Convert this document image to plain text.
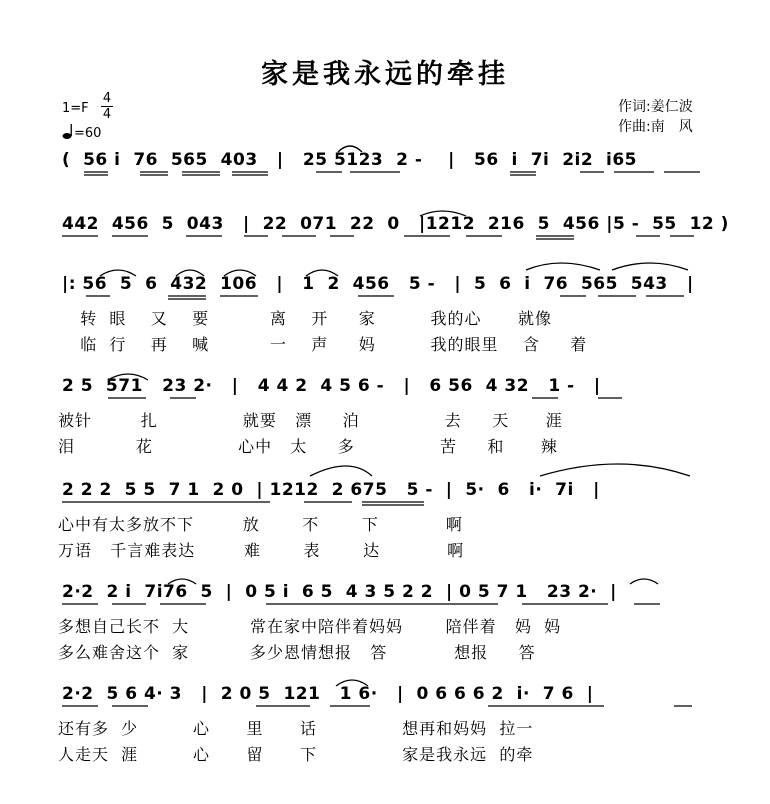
家是我永远的牵挂
1=F
4
4
=60
作词:姜仁波
作曲:南　风
(  56 i  76  565  403   |   25 5123  2 -    |   56  i  7i  2i2  i65
442  456  5  043   |  22  071  22  0   |1212  216  5  456 |5 -  55  12 )
|: 56  5  6  432  106   |   1  2  456   5 -   |  5  6  i  76  565  543   |
转  眼    又    要          离    开     家         我的心      就像
临  行    再    喊          一    声     妈         我的眼里    含     着
2 5  571   23 2·   |   4 4 2  4 5 6 -   |   6 56  4 32   1 -   |
被针        扎              就要   漂     泊              去     天      涯
泪          花              心中   太     多              苦     和      辣
2 2 2  5 5  7 1  2 0  | 1212  2 675   5 -  |  5·  6   i·  7i   |
心中有太多放不下        放       不       下           啊
万语   千言难表达        难       表       达           啊
2·2  2 i  7i76  5  |  0 5 i  6 5  4 3 5 2 2  | 0 5 7 1   23 2·  |
多想自己长不  大          常在家中陪伴着妈妈       陪伴着   妈  妈
多么难舍这个  家          多少恩情想报   答           想报     答
2·2  5 6 4· 3   |  2 0 5  121   1 6·   |  0 6 6 6 2  i·  7 6  |
还有多  少         心      里      话              想再和妈妈  拉一
人走天  涯         心      留      下              家是我永远  的牵
